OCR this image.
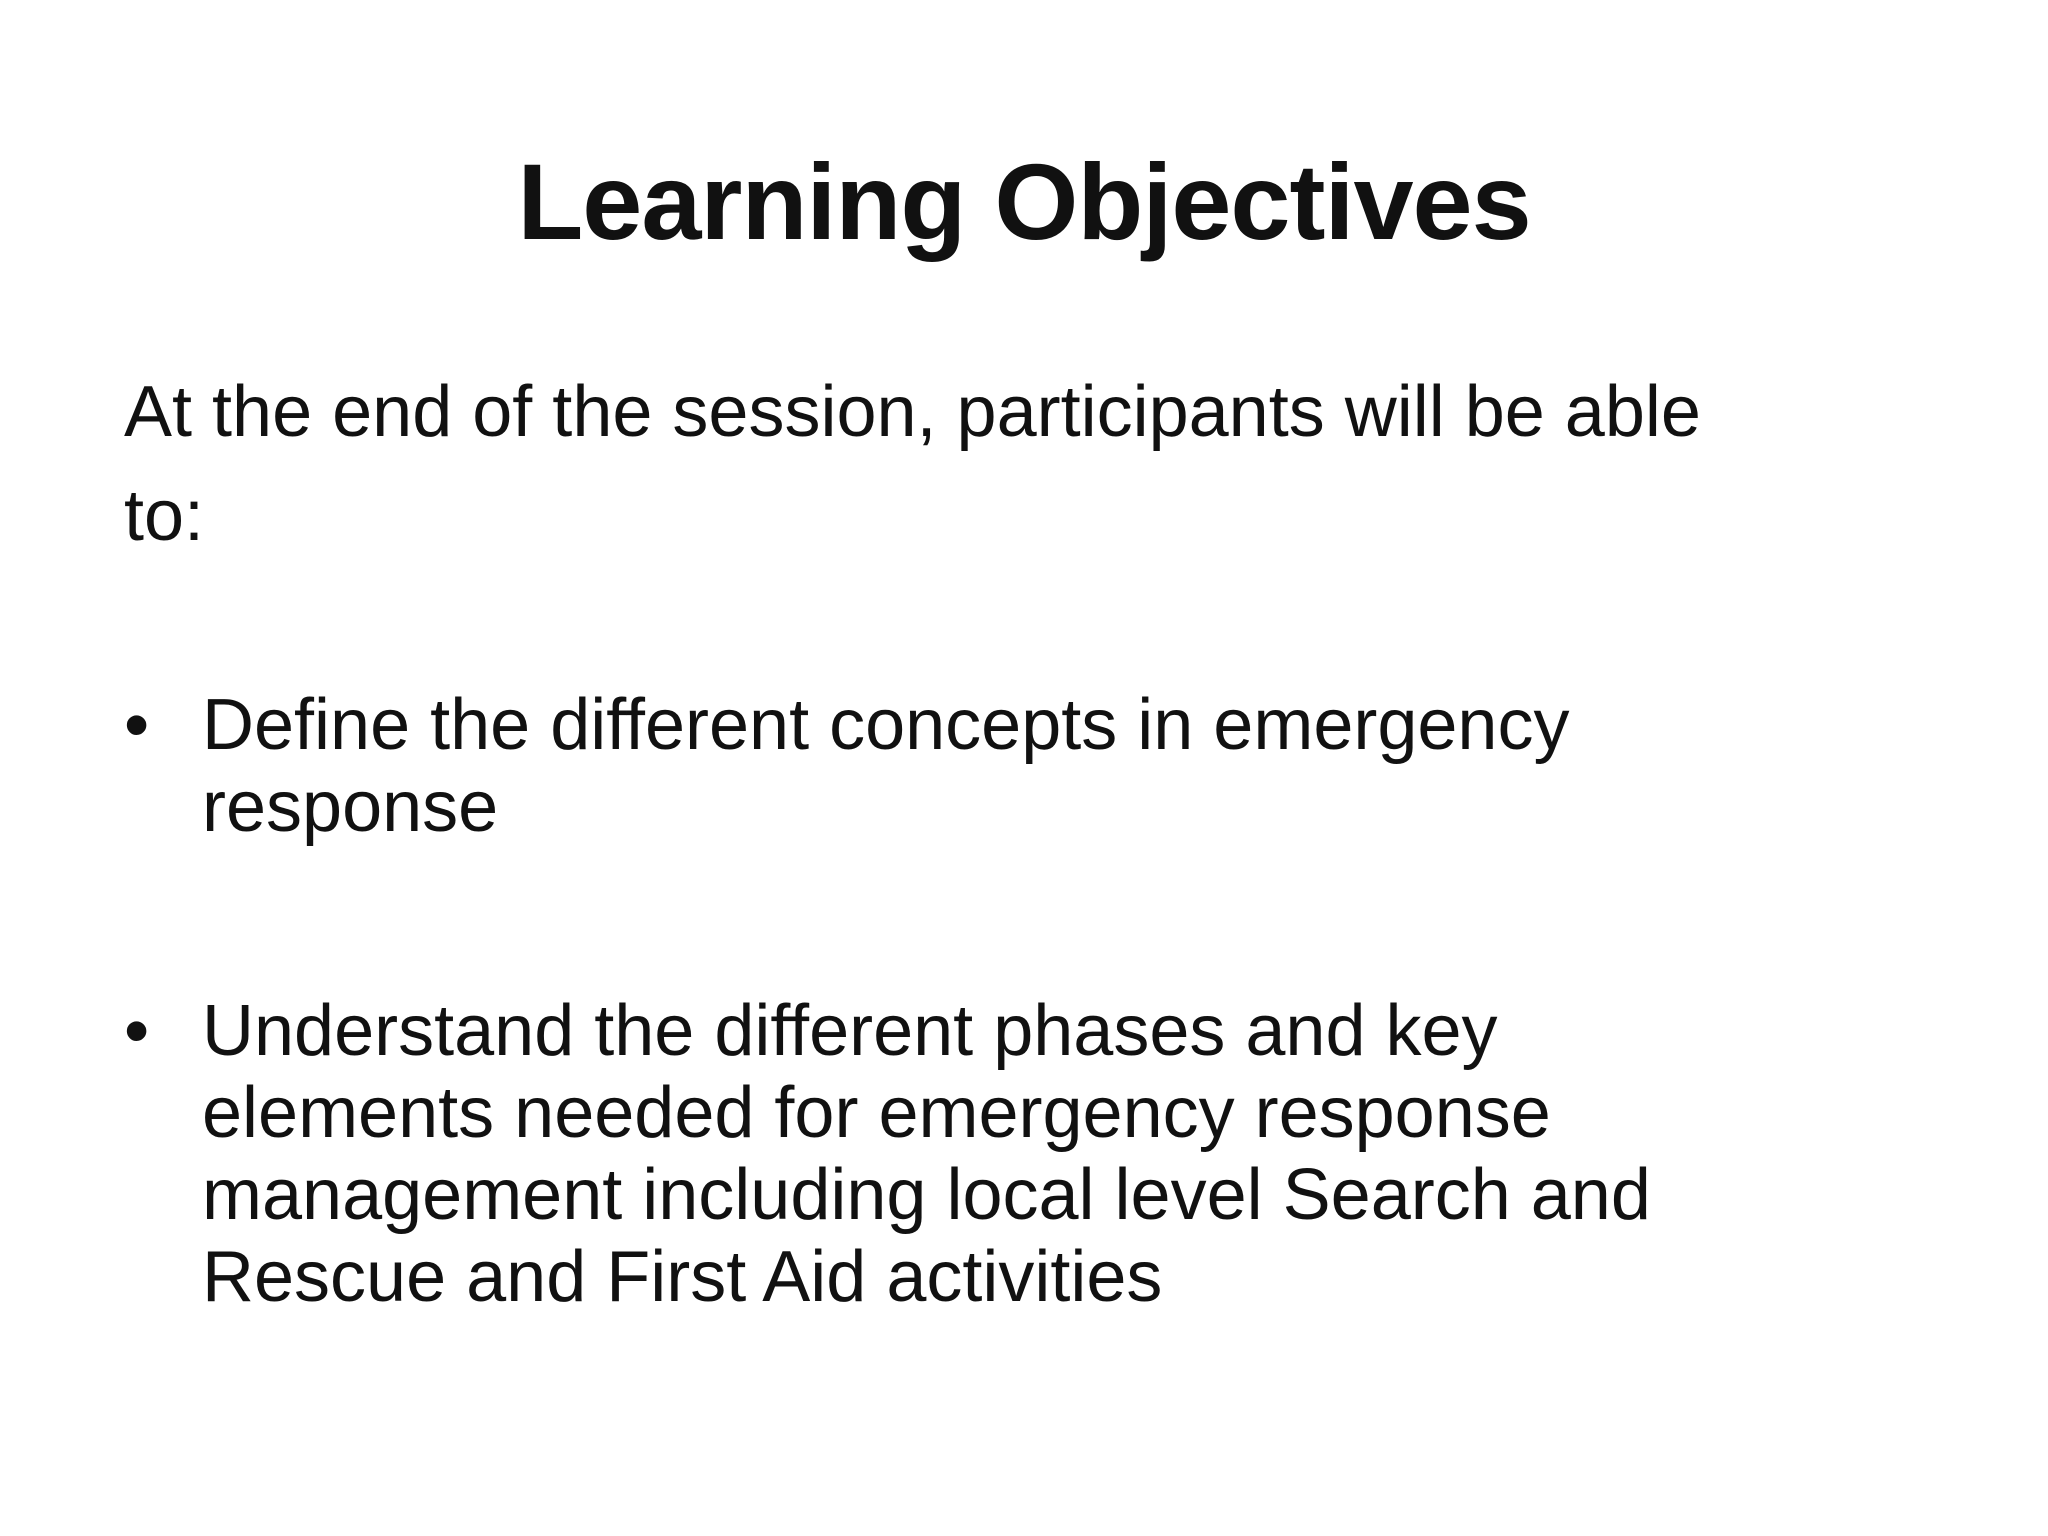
Learning Objectives

At the end of the session, participants will be able to:

• Define the different concepts in emergency response
• Understand the different phases and key elements needed for emergency response management including local level Search and Rescue and First Aid activities
